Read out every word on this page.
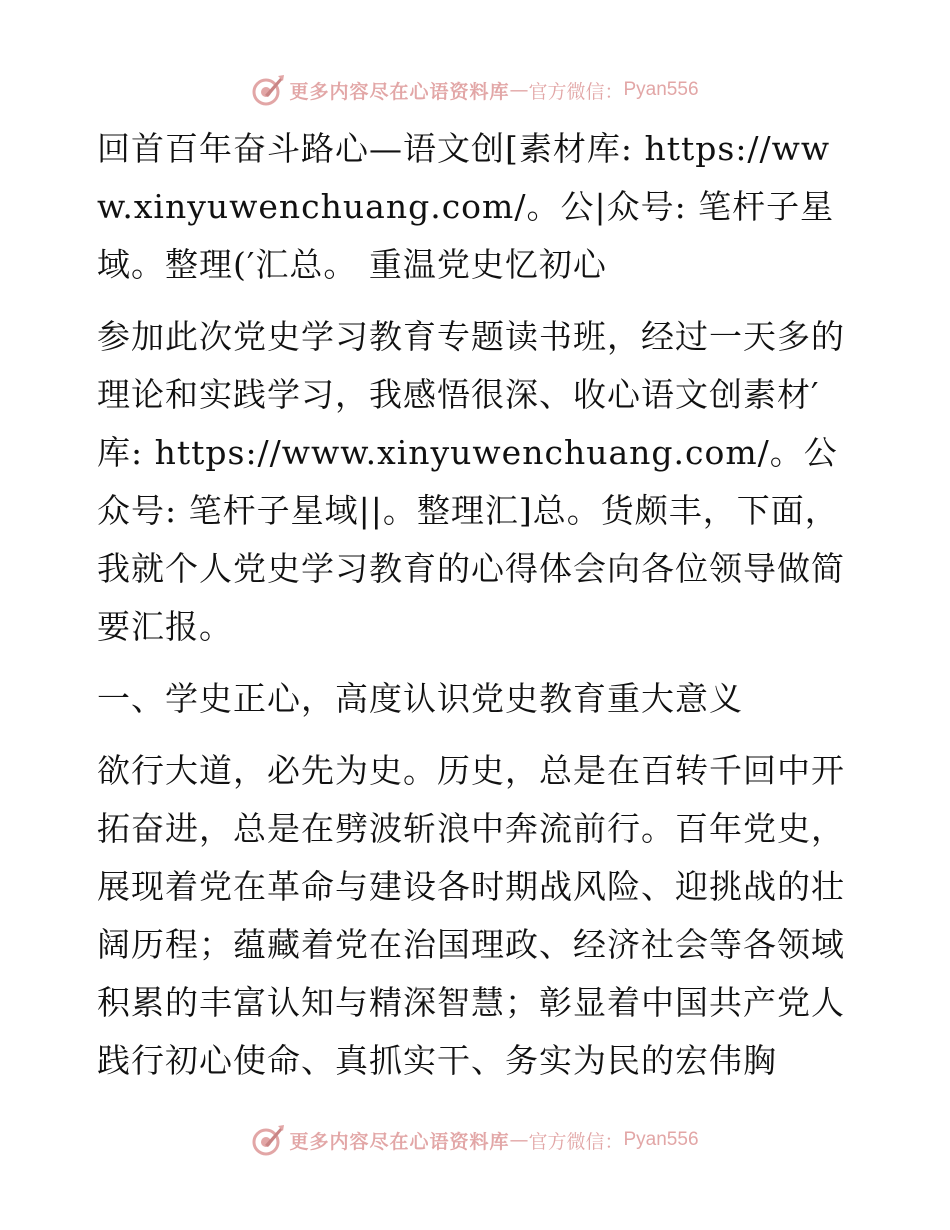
更多内容尽在心语资料库 — 官方微信： Pyan556

回首百年奋斗路心—语文创[素材库: https://www.xinyuwenchuang.com/。公|众号: 笔杆子星域。整理(′汇总。 重温党史忆初心

参加此次党史学习教育专题读书班，经过一天多的理论和实践学习，我感悟很深、收心语文创素材′库: https://www.xinyuwenchuang.com/。公众号: 笔杆子星域||。整理汇]总。货颇丰，下面，我就个人党史学习教育的心得体会向各位领导做简要汇报。

一、学史正心，高度认识党史教育重大意义

欲行大道，必先为史。历史，总是在百转千回中开拓奋进，总是在劈波斩浪中奔流前行。百年党史，展现着党在革命与建设各时期战风险、迎挑战的壮阔历程；蕴藏着党在治国理政、经济社会等各领域积累的丰富认知与精深智慧；彰显着中国共产党人践行初心使命、真抓实干、务实为民的宏伟胸

更多内容尽在心语资料库 — 官方微信： Pyan556
